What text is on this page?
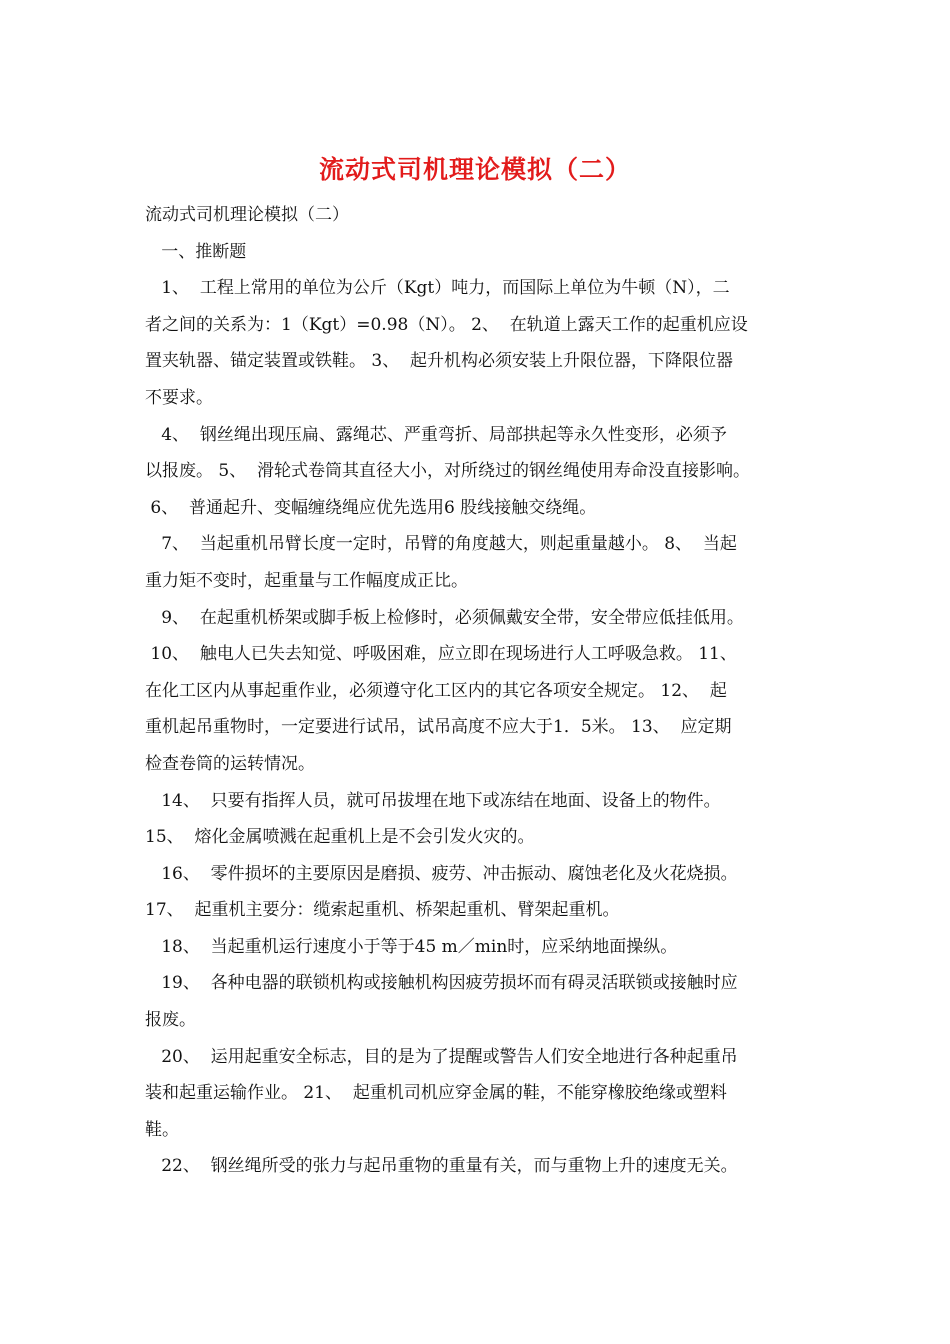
流动式司机理论模拟（二）
流动式司机理论模拟（二）
一、推断题
1、  工程上常用的单位为公斤（Kgt）吨力，而国际上单位为牛顿（N），二
者之间的关系为：1（Kgt）=0.98（N）。 2、  在轨道上露天工作的起重机应设
置夹轨器、锚定装置或铁鞋。 3、  起升机构必须安装上升限位器，下降限位器
不要求。
4、  钢丝绳出现压扁、露绳芯、严重弯折、局部拱起等永久性变形，必须予
以报废。 5、  滑轮式卷筒其直径大小，对所绕过的钢丝绳使用寿命没直接影响。
6、  普通起升、变幅缠绕绳应优先选用6 股线接触交绕绳。
7、  当起重机吊臂长度一定时，吊臂的角度越大，则起重量越小。 8、  当起
重力矩不变时，起重量与工作幅度成正比。
9、  在起重机桥架或脚手板上检修时，必须佩戴安全带，安全带应低挂低用。
10、  触电人已失去知觉、呼吸困难，应立即在现场进行人工呼吸急救。 11、
在化工区内从事起重作业，必须遵守化工区内的其它各项安全规定。 12、  起
重机起吊重物时，一定要进行试吊，试吊高度不应大于1．5米。 13、  应定期
检查卷筒的运转情况。
14、  只要有指挥人员，就可吊拔埋在地下或冻结在地面、设备上的物件。
15、  熔化金属喷溅在起重机上是不会引发火灾的。
16、  零件损坏的主要原因是磨损、疲劳、冲击振动、腐蚀老化及火花烧损。
17、  起重机主要分：缆索起重机、桥架起重机、臂架起重机。
18、  当起重机运行速度小于等于45 m／min时，应采纳地面操纵。
19、  各种电器的联锁机构或接触机构因疲劳损坏而有碍灵活联锁或接触时应
报废。
20、  运用起重安全标志，目的是为了提醒或警告人们安全地进行各种起重吊
装和起重运输作业。 21、  起重机司机应穿金属的鞋，不能穿橡胶绝缘或塑料
鞋。
22、  钢丝绳所受的张力与起吊重物的重量有关，而与重物上升的速度无关。
